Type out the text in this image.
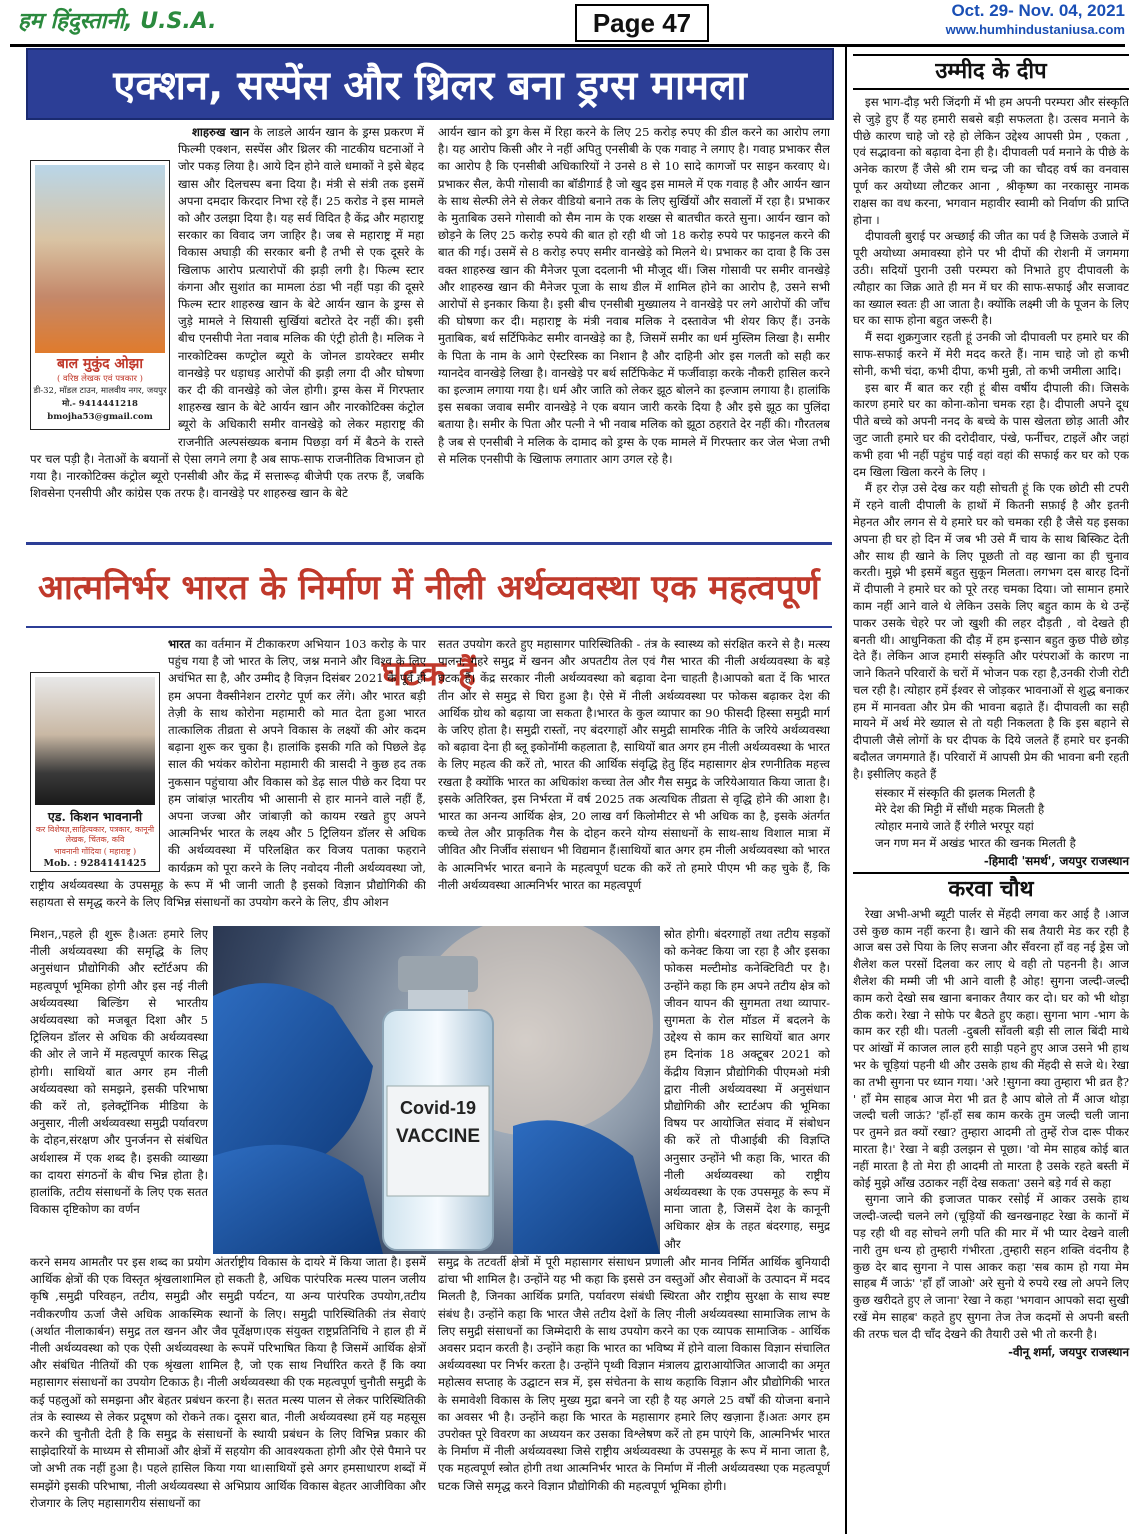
हम हिंदुस्तानी, U.S.A.	Page 47	Oct. 29- Nov. 04, 2021
www.humhindustaniusa.com
एक्शन, सस्पेंस और थ्रिलर बना ड्रग्स मामला
बाल मुकुंद ओझा
( वरिष्ठ लेखक एवं पत्रकार )
डी-32, मॉडल टाउन, मालवीय नगर, जयपुर
मो.- 9414441218
bmojha53@gmail.com

शाहरुख खान के लाडले आर्यन खान के ड्रग्स प्रकरण में फिल्मी एक्शन, सस्पेंस और थ्रिलर की नाटकीय घटनाओं ने जोर पकड़ लिया है। आये दिन होने वाले धमाकों ने इसे बेहद खास और दिलचस्प बना दिया है। मंत्री से संत्री तक इसमें अपना दमदार किरदार निभा रहे हैं। 25 करोड ने इस मामले को और उलझा दिया है। यह सर्व विदित है केंद्र और महाराष्ट्र सरकार का विवाद जग जाहिर है। जब से महाराष्ट्र में महा विकास अघाड़ी की सरकार बनी है तभी से एक दूसरे के खिलाफ आरोप प्रत्यारोपों की झड़ी लगी है। फिल्म स्टार कंगना और सुशांत का मामला ठंडा भी नहीं पड़ा की दूसरे फिल्म स्टार शाहरुख खान के बेटे आर्यन खान के ड्रग्स से जुड़े मामले ने सियासी सुर्खियां बटोरते देर नहीं की। इसी बीच एनसीपी नेता नवाब मलिक की एंट्री होती है। मलिक ने नारकोटिक्स कण्ट्रोल ब्यूरो के जोनल डायरेक्टर समीर वानखेड़े पर धड़ाधड़ आरोपों की झड़ी लगा दी और घोषणा कर दी की वानखेड़े को जेल होगी। ड्रग्स केस में गिरफ्तार शाहरुख खान के बेटे आर्यन खान और नारकोटिक्स कंट्रोल ब्यूरो के अधिकारी समीर वानखेड़े को लेकर महाराष्ट्र की राजनीति अल्पसंख्यक बनाम पिछड़ा वर्ग में बैठने के रास्ते पर चल पड़ी है। नेताओं के बयानों से ऐसा लगने लगा है अब साफ-साफ राजनीतिक विभाजन हो गया है। नारकोटिक्स कंट्रोल ब्यूरो एनसीबी और केंद्र में सत्तारूढ़ बीजेपी एक तरफ हैं, जबकि शिवसेना एनसीपी और कांग्रेस एक तरफ है। वानखेड़े पर शाहरुख खान के बेटे

आर्यन खान को ड्रग केस में रिहा करने के लिए 25 करोड़ रुपए की डील करने का आरोप लगा है। यह आरोप किसी और ने नहीं अपितु एनसीबी के एक गवाह ने लगाए है। गवाह प्रभाकर सैल का आरोप है कि एनसीबी अधिकारियों ने उनसे 8 से 10 सादे कागजों पर साइन करवाए थे। प्रभाकर सैल, केपी गोसावी का बॉडीगार्ड है जो खुद इस मामले में एक गवाह है और आर्यन खान के साथ सेल्फी लेने से लेकर वीडियो बनाने तक के लिए सुर्खियों और सवालों में रहा है। प्रभाकर के मुताबिक उसने गोसावी को सैम नाम के एक शख्स से बातचीत करते सुना। आर्यन खान को छोड़ने के लिए 25 करोड़ रुपये की बात हो रही थी जो 18 करोड़ रुपये पर फाइनल करने की बात की गई। उसमें से 8 करोड़ रुपए समीर वानखेड़े को मिलने थे। प्रभाकर का दावा है कि उस वक्त शाहरुख खान की मैनेजर पूजा ददलानी भी मौजूद थीं। जिस गोसावी पर समीर वानखेड़े और शाहरुख खान की मैनेजर पूजा के साथ डील में शामिल होने का आरोप है, उसने सभी आरोपों से इनकार किया है। इसी बीच एनसीबी मुख्यालय ने वानखेड़े पर लगे आरोपों की जाँच की घोषणा कर दी। महाराष्ट्र के मंत्री नवाब मलिक ने दस्तावेज भी शेयर किए हैं। उनके मुताबिक, बर्थ सर्टिफिकेट समीर वानखेड़े का है, जिसमें समीर का धर्म मुस्लिम लिखा है। समीर के पिता के नाम के आगे ऐस्टरिस्क का निशान है और दाहिनी ओर इस गलती को सही कर ग्यानदेव वानखेड़े लिखा है। वानखेड़े पर बर्थ सर्टिफिकेट में फर्जीवाड़ा करके नौकरी हासिल करने का इल्जाम लगाया गया है। धर्म और जाति को लेकर झूठ बोलने का इल्जाम लगाया है। हालांकि इस सबका जवाब समीर वानखेड़े ने एक बयान जारी करके दिया है और इसे झूठ का पुलिंदा बताया है। समीर के पिता और पत्नी ने भी नवाब मलिक को झूठा ठहराते देर नहीं की। गौरतलब है जब से एनसीबी ने मलिक के दामाद को ड्रग्स के एक मामले में गिरफ्तार कर जेल भेजा तभी से मलिक एनसीपी के खिलाफ लगातार आग उगल रहे है।

आत्मनिर्भर भारत के निर्माण में नीली अर्थव्यवस्था एक महत्वपूर्ण घटक हैं
एड. किशन भावनानी
कर विशेषज्ञ,साहित्यकार, पत्रकार, कानूनी लेखक, चिंतक, कवि
भावनानी गोंदिया ( महाराष्ट्र )
Mob. : 9284141425

भारत का वर्तमान में टीकाकरण अभियान 103 करोड़ के पार पहुंच गया है जो भारत के लिए, जश्न मनाने और विश्व के लिए अचंभित सा है, और उम्मीद है विज़न दिसंबर 2021 के पूर्व ही हम अपना वैक्सीनेशन टारगेट पूर्ण कर लेंगे। और भारत बड़ी तेज़ी के साथ कोरोना महामारी को मात देता हुआ भारत तात्कालिक तीव्रता से अपने विकास के लक्ष्यों की ओर कदम बढ़ाना शुरू कर चुका है। हालांकि इसकी गति को पिछले डेढ़ साल की भयंकर कोरोना महामारी की त्रासदी ने कुछ हद तक नुकसान पहुंचाया और विकास को डेढ़ साल पीछे कर दिया पर हम जांबांज़ भारतीय भी आसानी से हार मानने वाले नहीं हैं, अपना जज्बा और जांबाज़ी को कायम रखते हुए अपने आत्मनिर्भर भारत के लक्ष्य और 5 ट्रिलियन डॉलर से अधिक की अर्थव्यवस्था में परिलक्षित कर विजय पताका फहराने कार्यक्रम को पूरा करने के लिए नवोदय नीली अर्थव्यवस्था जो, राष्ट्रीय अर्थव्यवस्था के उपसमूह के रूप में भी जानी जाती है इसको विज्ञान प्रौद्योगिकी की सहायता से समृद्ध करने के लिए विभिन्न संसाधनों का उपयोग करने के लिए, डीप ओशन

मिशन,,पहले ही शुरू है।अतः हमारे लिए नीली अर्थव्यवस्था की समृद्धि के लिए अनुसंधान प्रौद्योगिकी और स्टॉर्टअप की महत्वपूर्ण भूमिका होगी और इस नई नीली अर्थव्यवस्था बिल्डिंग से भारतीय अर्थव्यवस्था को मजबूत दिशा और 5 ट्रिलियन डॉलर से अधिक की अर्थव्यवस्था की ओर ले जाने में महत्वपूर्ण कारक सिद्ध होगी। साथियों बात अगर हम नीली अर्थव्यवस्था को समझने, इसकी परिभाषा की करें तो, इलेक्ट्रॉनिक मीडिया के अनुसार, नीली अर्थव्यवस्था समुद्री पर्यावरण के दोहन,संरक्षण और पुनर्जनन से संबंधित अर्थशास्त्र में एक शब्द है। इसकी व्याख्या का दायरा संगठनों के बीच भिन्न होता है। हालांकि, तटीय संसाधनों के लिए एक सतत विकास दृष्टिकोण का वर्णन

करने समय आमतौर पर इस शब्द का प्रयोग अंतर्राष्ट्रीय विकास के दायरे में किया जाता है। इसमें आर्थिक क्षेत्रों की एक विस्तृत श्रृंखलाशामिल हो सकती है, अधिक पारंपरिक मत्स्य पालन जलीय कृषि ,समुद्री परिवहन, तटीय, समुद्री और समुद्री पर्यटन, या अन्य पारंपरिक उपयोग,तटीय नवीकरणीय ऊर्जा जैसे अधिक आकस्मिक स्थानों के लिए। समुद्री पारिस्थितिकी तंत्र सेवाएं (अर्थात नीलाकार्बन) समुद्र तल खनन और जैव पूर्वेक्षण।एक संयुक्त राष्ट्रप्रतिनिधि ने हाल ही में नीली अर्थव्यवस्था को एक ऐसी अर्थव्यवस्था के रूपमें परिभाषित किया है जिसमें आर्थिक क्षेत्रों और संबंधित नीतियों की एक श्रृंखला शामिल है, जो एक साथ निर्धारित करते हैं कि क्या महासागर संसाधनों का उपयोग टिकाऊ है। नीली अर्थव्यवस्था की एक महत्वपूर्ण चुनौती समुद्री के कई पहलुओं को समझना और बेहतर प्रबंधन करना है। सतत मत्स्य पालन से लेकर पारिस्थितिकी तंत्र के स्वास्थ्य से लेकर प्रदूषण को रोकने तक। दूसरा बात, नीली अर्थव्यवस्था हमें यह महसूस करने की चुनौती देती है कि समुद्र के संसाधनों के स्थायी प्रबंधन के लिए विभिन्न प्रकार की साझेदारियों के माध्यम से सीमाओं और क्षेत्रों में सहयोग की आवश्यकता होगी और ऐसे पैमाने पर जो अभी तक नहीं हुआ है। पहले हासिल किया गया था।साथियों इसे अगर हमसाधारण शब्दों में समझेंगे इसकी परिभाषा, नीली अर्थव्यवस्था से अभिप्राय आर्थिक विकास बेहतर आजीविका और रोजगार के लिए महासागरीय संसाधनों का

सतत उपयोग करते हुए महासागर पारिस्थितिकी - तंत्र के स्वास्थ्य को संरक्षित करने से है। मत्स्य पालन, गहरे समुद्र में खनन और अपतटीय तेल एवं गैस भारत की नीली अर्थव्यवस्था के बड़े घटक हैं। केंद्र सरकार नीली अर्थव्यवस्था को बढ़ावा देना चाहती है।आपको बता दें कि भारत तीन ओर से समुद्र से घिरा हुआ है। ऐसे में नीली अर्थव्यवस्था पर फोकस बढ़ाकर देश की आर्थिक ग्रोथ को बढ़ाया जा सकता है।भारत के कुल व्यापार का 90 फीसदी हिस्सा समुद्री मार्ग के जरिए होता है। समुद्री रास्तों, नए बंदरगाहों और समुद्री सामरिक नीति के जरिये अर्थव्यवस्था को बढ़ावा देना ही ब्लू इकोनॉमी कहलाता है, साथियों बात अगर हम नीली अर्थव्यवस्था के भारत के लिए महत्व की करें तो, भारत की आर्थिक संवृद्धि हेतु हिंद महासागर क्षेत्र रणनीतिक महत्त्व रखता है क्योंकि भारत का अधिकांश कच्चा तेल और गैस समुद्र के जरियेआयात किया जाता है। इसके अतिरिक्त, इस निर्भरता में वर्ष 2025 तक अत्यधिक तीव्रता से वृद्धि होने की आशा है। भारत का अनन्य आर्थिक क्षेत्र, 20 लाख वर्ग किलोमीटर से भी अधिक का है, इसके अंतर्गत कच्चे तेल और प्राकृतिक गैस के दोहन करने योग्य संसाधनों के साथ-साथ विशाल मात्रा में जीवित और निर्जीव संसाधन भी विद्यमान हैं।साथियों बात अगर हम नीली अर्थव्यवस्था को भारत के आत्मनिर्भर भारत बनाने के महत्वपूर्ण घटक की करें तो हमारे पीएम भी कह चुके हैं, कि नीली अर्थव्यवस्था आत्मनिर्भर भारत का महत्वपूर्ण

स्रोत होगी। बंदरगाहों तथा तटीय सड़कों को कनेक्ट किया जा रहा है और इसका फोकस मल्टीमोड कनेक्टिविटी पर है।उन्होंने कहा कि हम अपने तटीय क्षेत्र को जीवन यापन की सुगमता तथा व्यापार-सुगमता के रोल मॉडल में बदलने के उद्देश्य से काम कर साथियों बात अगर हम दिनांक 18 अक्टूबर 2021 को केंद्रीय विज्ञान प्रौद्योगिकी पीएमओ मंत्री द्वारा नीली अर्थव्यवस्था में अनुसंधान प्रौद्योगिकी और स्टार्टअप की भूमिका विषय पर आयोजित संवाद में संबोधन की करें तो पीआईबी की विज्ञप्ति अनुसार उन्होंने भी कहा कि, भारत की नीली अर्थव्यवस्था को राष्ट्रीय अर्थव्यवस्था के एक उपसमूह के रूप में माना जाता है, जिसमें देश के कानूनी अधिकार क्षेत्र के तहत बंदरगाह, समुद्र और

समुद्र के तटवर्ती क्षेत्रों में पूरी महासागर संसाधन प्रणाली और मानव निर्मित आर्थिक बुनियादी ढांचा भी शामिल है। उन्होंने यह भी कहा कि इससे उन वस्तुओं और सेवाओं के उत्पादन में मदद मिलती है, जिनका आर्थिक प्रगति, पर्यावरण संबंधी स्थिरता और राष्ट्रीय सुरक्षा के साथ स्पष्ट संबंध है। उन्होंने कहा कि भारत जैसे तटीय देशों के लिए नीली अर्थव्यवस्था सामाजिक लाभ के लिए समुद्री संसाधनों का जिम्मेदारी के साथ उपयोग करने का एक व्यापक सामाजिक - आर्थिक अवसर प्रदान करती है। उन्होंने कहा कि भारत का भविष्य में होने वाला विकास विज्ञान संचालित अर्थव्यवस्था पर निर्भर करता है। उन्होंने पृथ्वी विज्ञान मंत्रालय द्वाराआयोजित आजादी का अमृत महोत्सव सप्ताह के उद्घाटन सत्र में, इस संचेतना के साथ कहाकि विज्ञान और प्रौद्योगिकी भारत के समावेशी विकास के लिए मुख्य मुद्रा बनने जा रही है यह अगले 25 वर्षों की योजना बनाने का अवसर भी है। उन्होंने कहा कि भारत के महासागर हमारे लिए खज़ाना हैं।अतः अगर हम उपरोक्त पूरे विवरण का अध्ययन कर उसका विश्लेषण करें तो हम पाएंगे कि, आत्मनिर्भर भारत के निर्माण में नीली अर्थव्यवस्था जिसे राष्ट्रीय अर्थव्यवस्था के उपसमूह के रूप में माना जाता है, एक महत्वपूर्ण स्त्रोत होगी तथा आत्मनिर्भर भारत के निर्माण में नीली अर्थव्यवस्था एक महत्वपूर्ण घटक जिसे समृद्ध करने विज्ञान प्रौद्योगिकी की महत्वपूर्ण भूमिका होगी।

Covid-19
VACCINE
उम्मीद के दीप

इस भाग-दौड़ भरी जिंदगी में भी हम अपनी परम्परा और संस्कृति से जुड़े हुए हैं यह हमारी सबसे बड़ी सफलता है। उत्सव मनाने के पीछे कारण चाहे जो रहे हो लेकिन उद्देश्य आपसी प्रेम , एकता , एवं सद्भावना को बढ़ावा देना ही है। दीपावली पर्व मनाने के पीछे के अनेक कारण हैं जैसे श्री राम चन्द्र जी का चौदह वर्ष का वनवास पूर्ण कर अयोध्या लौटकर आना , श्रीकृष्ण का नरकासुर नामक राक्षस का वध करना, भगवान महावीर स्वामी को निर्वाण की प्राप्ति होना ।

दीपावली बुराई पर अच्छाई की जीत का पर्व है जिसके उजाले में पूरी अयोध्या अमावस्या होने पर भी दीपों की रोशनी में जगमगा उठी। सदियों पुरानी उसी परम्परा को निभाते हुए दीपावली के त्यौहार का जिक्र आते ही मन में घर की साफ-सफाई और सजावट का ख्याल स्वतः ही आ जाता है। क्योंकि लक्ष्मी जी के पूजन के लिए घर का साफ होना बहुत जरूरी है।

मैं सदा शुक्रगुजार रहती हूं उनकी जो दीपावली पर हमारे घर की साफ-सफाई करने में मेरी मदद करते हैं। नाम चाहे जो हो कभी सोनी, कभी चंदा, कभी दीपा, कभी मुन्नी, तो कभी जमीला आदि।

इस बार मैं बात कर रही हूं बीस वर्षीय दीपाली की। जिसके कारण हमारे घर का कोना-कोना चमक रहा है। दीपाली अपने दूध पीते बच्चे को अपनी ननद के बच्चे के पास खेलता छोड़ आती और जुट जाती हमारे घर की दरोदीवार, पंखे, फर्नीचर, टाइलें और जहां कभी हवा भी नहीं पहुंच पाई वहां वहां की सफाई कर घर को एक दम खिला खिला करने के लिए ।

मैं हर रोज़ उसे देख कर यही सोचती हूं कि एक छोटी सी टपरी में रहने वाली दीपाली के हाथों में कितनी सफ़ाई है और इतनी मेहनत और लगन से ये हमारे घर को चमका रही है जैसे यह इसका अपना ही घर हो दिन में जब भी उसे मैं चाय के साथ बिस्किट देती और साथ ही खाने के लिए पूछती तो वह खाना का ही चुनाव करती। मुझे भी इसमें बहुत सुकून मिलता। लगभग दस बारह दिनों में दीपाली ने हमारे घर को पूरे तरह चमका दिया। जो सामान हमारे काम नहीं आने वाले थे लेकिन उसके लिए बहुत काम के थे उन्हें पाकर उसके चेहरे पर जो खुशी की लहर दौड़ती , वो देखते ही बनती थी। आधुनिकता की दौड़ में हम इन्सान बहुत कुछ पीछे छोड़ देते हैं। लेकिन आज हमारी संस्कृति और परंपराओं के कारण ना जाने कितने परिवारों के चरों में भोजन पक रहा है,उनकी रोजी रोटी चल रही है। त्योहार हमें ईश्वर से जोड़कर भावनाओं से शुद्ध बनाकर हम में मानवता और प्रेम की भावना बढ़ाते हैं। दीपावली का सही मायने में अर्थ मेरे ख्याल से तो यही निकलता है कि इस बहाने से दीपाली जैसे लोगों के घर दीपक के दिये जलते हैं हमारे घर इनकी बदौलत जगमगाते हैं। परिवारों में आपसी प्रेम की भावना बनी रहती है। इसीलिए कहते हैं

संस्कार में संस्कृति की झलक मिलती है
मेरे देश की मिट्टी में सौंधी महक मिलती है
त्योहार मनाये जाते हैं रंगीले भरपूर यहां
जन गण मन में अखंड भारत की खनक मिलती है
-हिमादी 'समर्थ', जयपुर राजस्थान
करवा चौथ

रेखा अभी-अभी ब्यूटी पार्लर से मेंहदी लगवा कर आई है ।आज उसे कुछ काम नहीं करना है। खाने की सब तैयारी मेड कर रही है आज बस उसे पिया के लिए सजना और सँवरना हाँ वह नई ड्रेस जो शैलेश कल परसों दिलवा कर लाए थे वही तो पहननी है। आज शैलेश की मम्मी जी भी आने वाली है ओह! सुगना जल्दी-जल्दी काम करो देखो सब खाना बनाकर तैयार कर दो। घर को भी थोड़ा ठीक करो। रेखा ने सोफे पर बैठते हुए कहा। सुगना भाग -भाग के काम कर रही थी। पतली -दुबली साँवली बड़ी सी लाल बिंदी माथे पर आंखों में काजल लाल हरी साड़ी पहने हुए आज उसने भी हाथ भर के चूड़ियां पहनी थी और उसके हाथ की मेंहदी से सजे थे। रेखा का तभी सुगना पर ध्यान गया। 'अरे !सुगना क्या तुम्हारा भी व्रत है? ' हाँ मेम साहब आज मेरा भी व्रत है आप बोले तो मैं आज थोड़ा जल्दी चली जाऊं? 'हाँ-हाँ सब काम करके तुम जल्दी चली जाना पर तुमने व्रत क्यों रखा? तुम्हारा आदमी तो तुम्हें रोज दारू पीकर मारता है।' रेखा ने बड़ी उलझन से पूछा। 'वो मेम साहब कोई बात नहीं मारता है तो मेरा ही आदमी तो मारता है उसके रहते बस्ती में कोई मुझे आँख उठाकर नहीं देख सकता' उसने बड़े गर्व से कहा

सुगना जाने की इजाजत पाकर रसोई में आकर उसके हाथ जल्दी-जल्दी चलने लगे (चूड़ियों की खनखनाहट रेखा के कानों में पड़ रही थी वह सोचने लगी पति की मार में भी प्यार देखने वाली नारी तुम धन्य हो तुम्हारी गंभीरता ,तुम्हारी सहन शक्ति वंदनीय है कुछ देर बाद सुगना ने पास आकर कहा 'सब काम हो गया मेम साहब मैं जाऊं' 'हाँ हाँ जाओ' अरे सुनो ये रुपये रख लो अपने लिए कुछ खरीदते हुए ले जाना' रेखा ने कहा 'भगवान आपको सदा सुखी रखें मेम साहब' कहते हुए सुगना तेज तेज कदमों से अपनी बस्ती की तरफ चल दी चाँद देखने की तैयारी उसे भी तो करनी है।

-वीनू शर्मा, जयपुर राजस्थान
